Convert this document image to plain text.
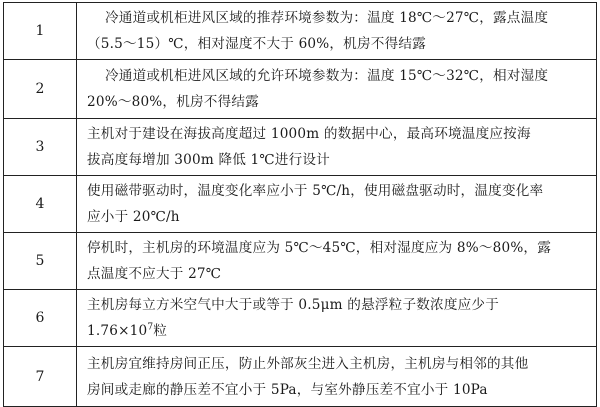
1	冷通道或机柜进风区域的推荐环境参数为：温度 18℃～27℃，露点温度
（5.5～15）℃，相对湿度不大于 60%，机房不得结露

2	冷通道或机柜进风区域的允许环境参数为：温度 15℃～32℃，相对湿度
20%～80%，机房不得结露

3	主机对于建设在海拔高度超过 1000m 的数据中心，最高环境温度应按海
拔高度每增加 300m 降低 1℃进行设计

4	使用磁带驱动时，温度变化率应小于 5℃/h，使用磁盘驱动时，温度变化率
应小于 20℃/h

5	停机时，主机房的环境温度应为 5℃～45℃，相对湿度应为 8%～80%，露
点温度不应大于 27℃

6	主机房每立方米空气中大于或等于 0.5μm 的悬浮粒子数浓度应少于
$1.76\times 10^7$粒

7	主机房宜维持房间正压，防止外部灰尘进入主机房，主机房与相邻的其他
房间或走廊的静压差不宜小于 5Pa，与室外静压差不宜小于 10Pa
